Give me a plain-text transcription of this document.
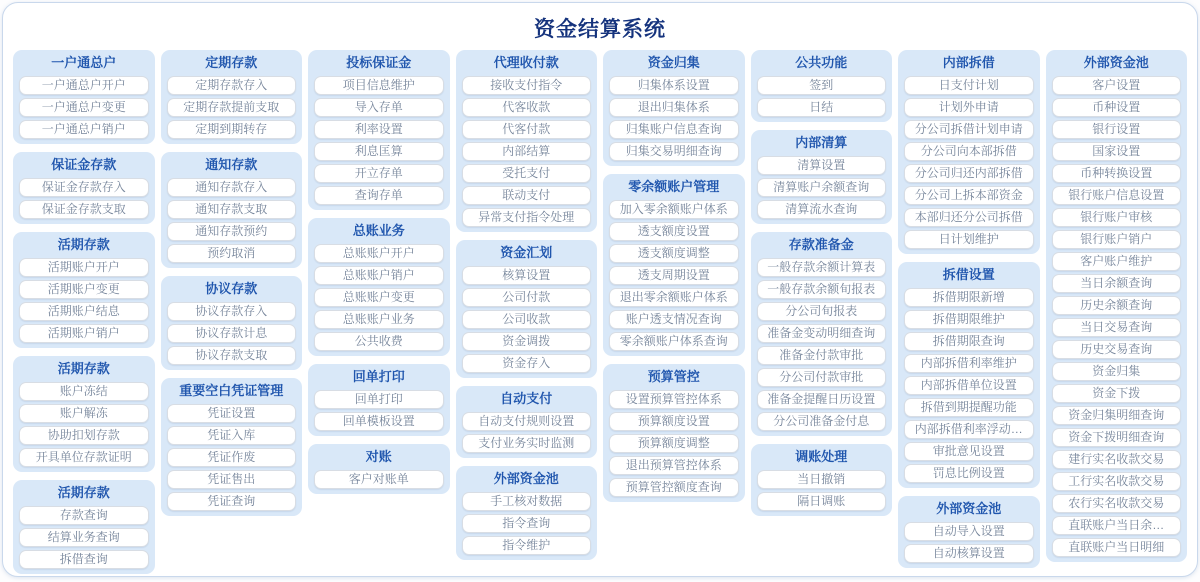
资金结算系统
一户通总户
一户通总户开户
一户通总户变更
一户通总户销户
保证金存款
保证金存款存入
保证金存款支取
活期存款
活期账户开户
活期账户变更
活期账户结息
活期账户销户
活期存款
账户冻结
账户解冻
协助扣划存款
开具单位存款证明
活期存款
存款查询
结算业务查询
拆借查询
定期存款
定期存款存入
定期存款提前支取
定期到期转存
通知存款
通知存款存入
通知存款支取
通知存款预约
预约取消
协议存款
协议存款存入
协议存款计息
协议存款支取
重要空白凭证管理
凭证设置
凭证入库
凭证作废
凭证售出
凭证查询
投标保证金
项目信息维护
导入存单
利率设置
利息匡算
开立存单
查询存单
总账业务
总账账户开户
总账账户销户
总账账户变更
总账账户业务
公共收费
回单打印
回单打印
回单模板设置
对账
客户对账单
代理收付款
接收支付指令
代客收款
代客付款
内部结算
受托支付
联动支付
异常支付指令处理
资金汇划
核算设置
公司付款
公司收款
资金调拨
资金存入
自动支付
自动支付规则设置
支付业务实时监测
外部资金池
手工核对数据
指令查询
指令维护
资金归集
归集体系设置
退出归集体系
归集账户信息查询
归集交易明细查询
零余额账户管理
加入零余额账户体系
透支额度设置
透支额度调整
透支周期设置
退出零余额账户体系
账户透支情况查询
零余额账户体系查询
预算管控
设置预算管控体系
预算额度设置
预算额度调整
退出预算管控体系
预算管控额度查询
公共功能
签到
日结
内部清算
清算设置
清算账户余额查询
清算流水查询
存款准备金
一般存款余额计算表
一般存款余额旬报表
分公司旬报表
准备金变动明细查询
准备金付款审批
分公司付款审批
准备金提醒日历设置
分公司准备金付息
调账处理
当日撤销
隔日调账
内部拆借
日支付计划
计划外申请
分公司拆借计划申请
分公司向本部拆借
分公司归还内部拆借
分公司上拆本部资金
本部归还分公司拆借
日计划维护
拆借设置
拆借期限新增
拆借期限维护
拆借期限查询
内部拆借利率维护
内部拆借单位设置
拆借到期提醒功能
内部拆借利率浮动…
审批意见设置
罚息比例设置
外部资金池
自动导入设置
自动核算设置
外部资金池
客户设置
币种设置
银行设置
国家设置
币种转换设置
银行账户信息设置
银行账户审核
银行账户销户
客户账户维护
当日余额查询
历史余额查询
当日交易查询
历史交易查询
资金归集
资金下拨
资金归集明细查询
资金下拨明细查询
建行实名收款交易
工行实名收款交易
农行实名收款交易
直联账户当日余…
直联账户当日明细
